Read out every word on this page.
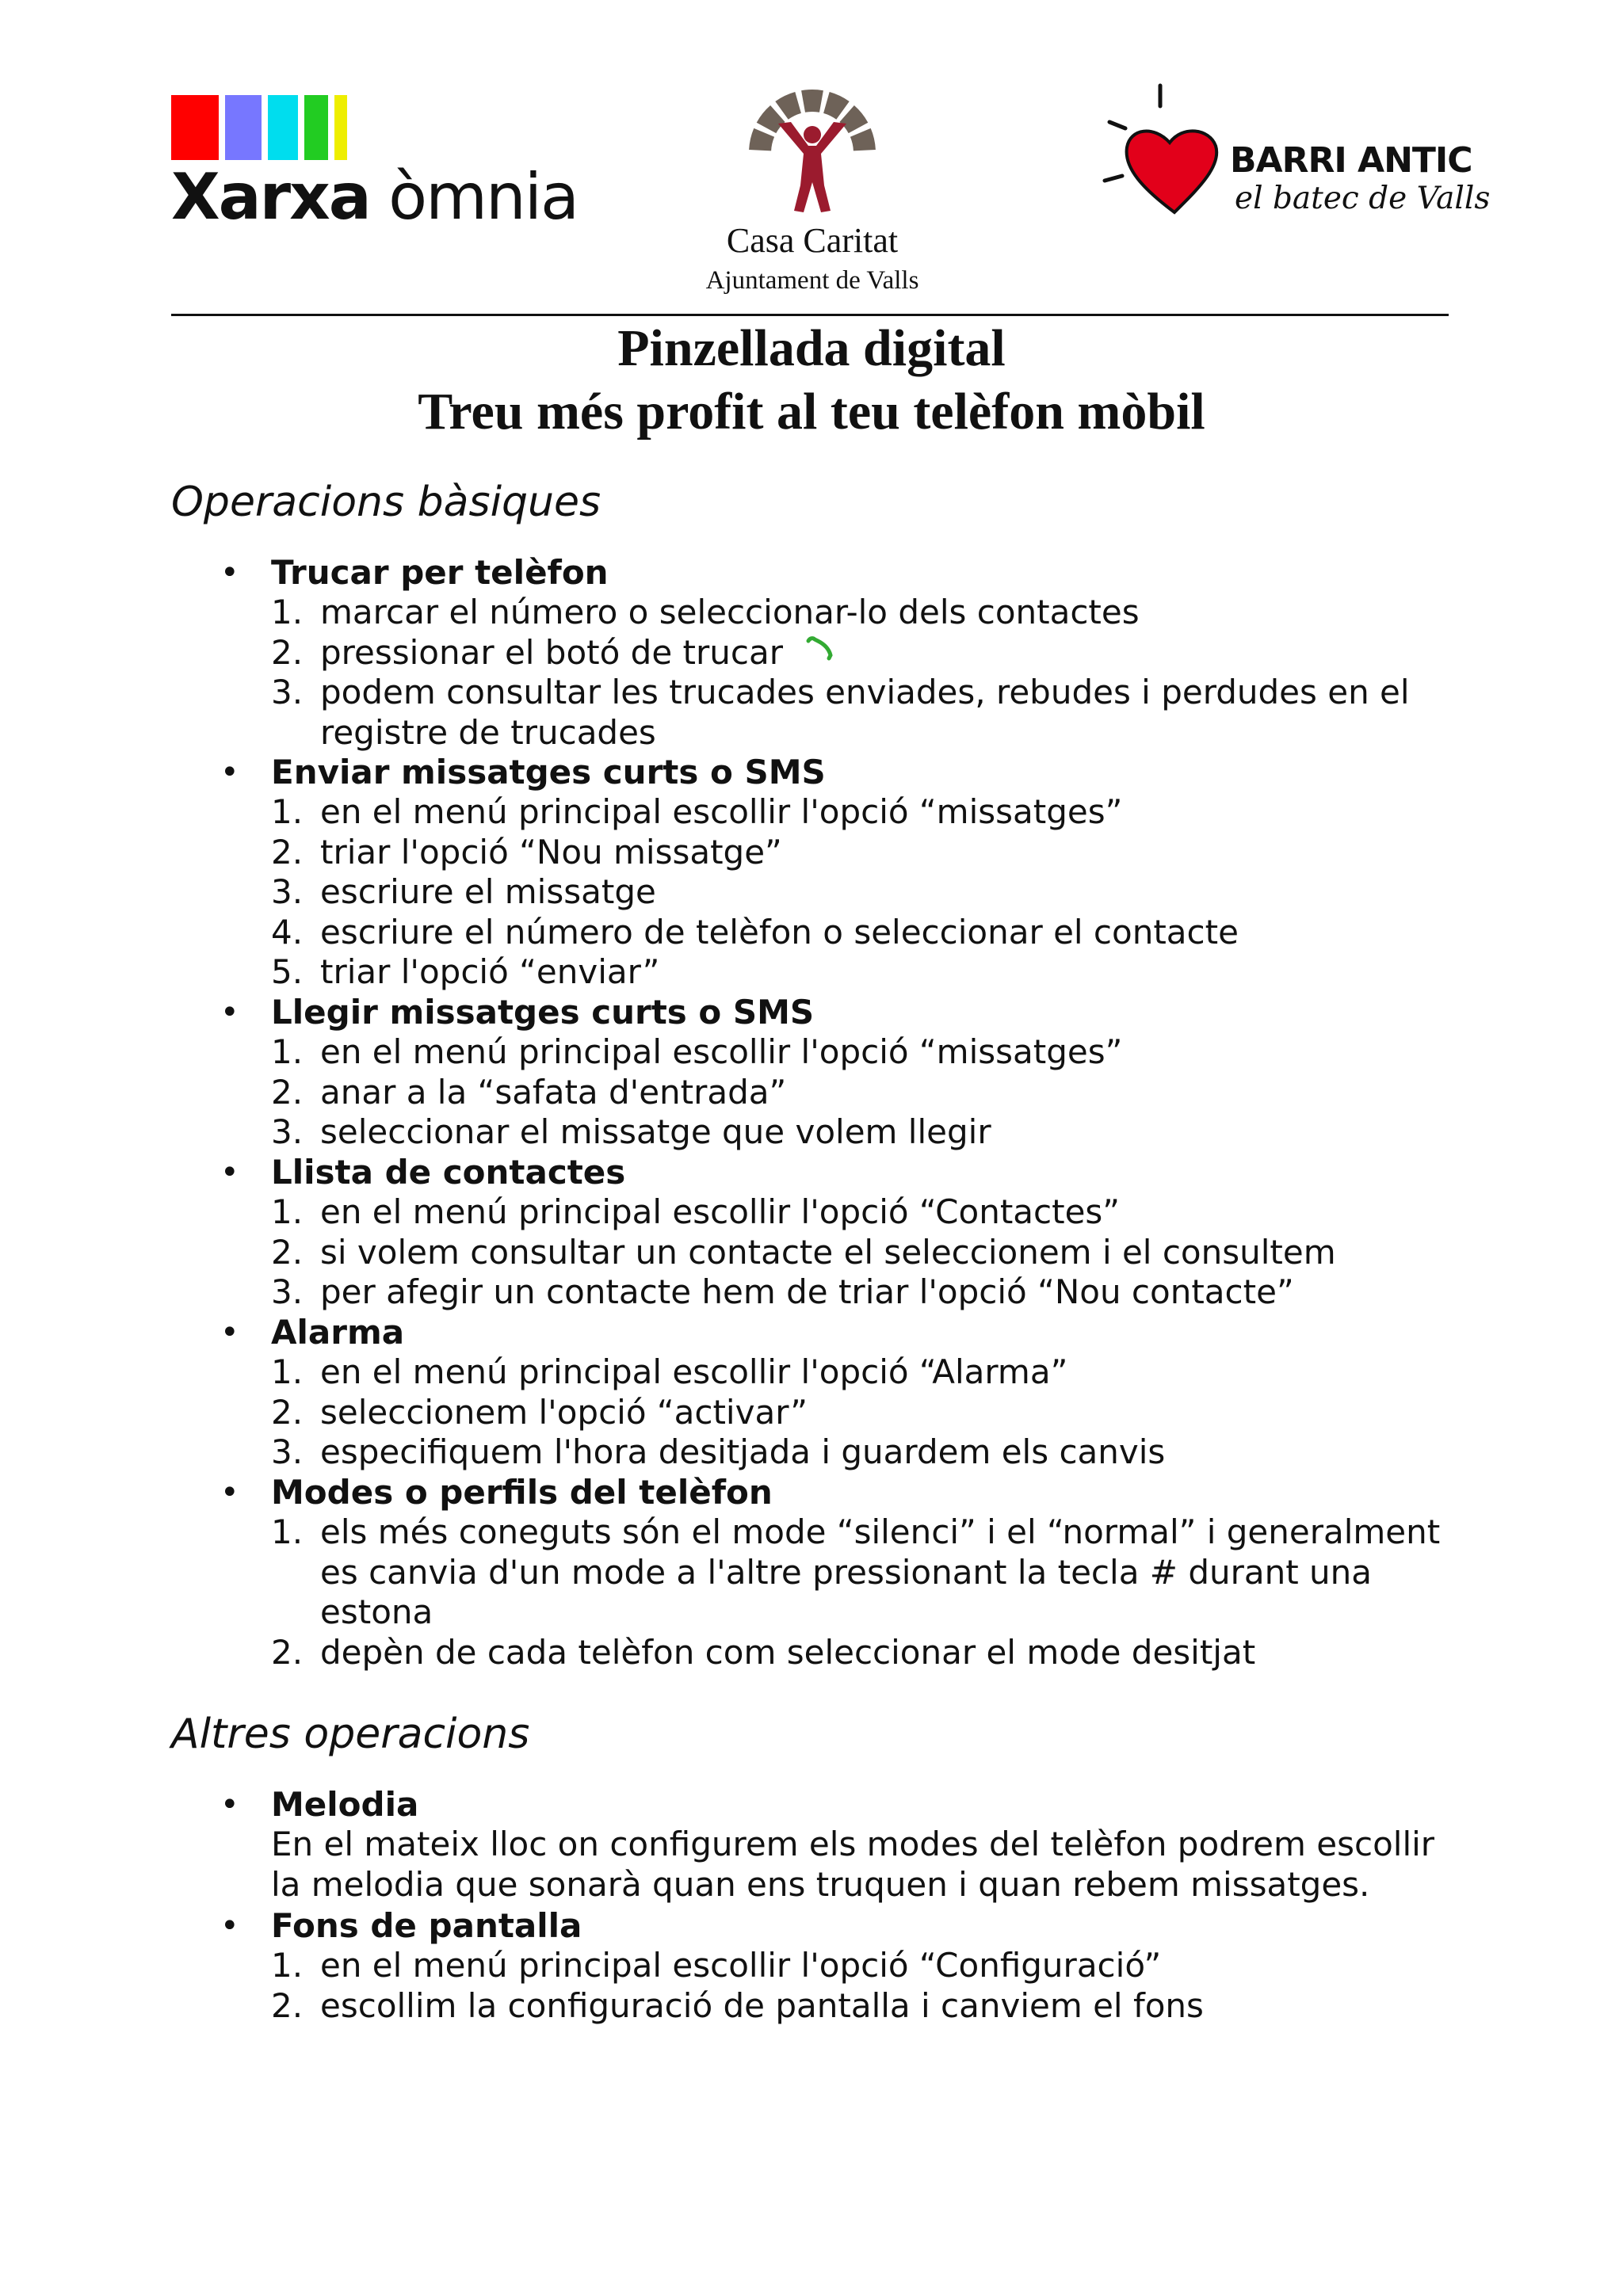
Xarxa òmnia
Casa Caritat
Ajuntament de Valls
BARRI ANTIC
el batec de Valls
Pinzellada digital
Treu més profit al teu telèfon mòbil
Operacions bàsiques
• Trucar per telèfon
1. marcar el número o seleccionar-lo dels contactes
2. pressionar el botó de trucar
3. podem consultar les trucades enviades, rebudes i perdudes en el registre de trucades
• Enviar missatges curts o SMS
1. en el menú principal escollir l'opció “missatges”
2. triar l'opció “Nou missatge”
3. escriure el missatge
4. escriure el número de telèfon o seleccionar el contacte
5. triar l'opció “enviar”
• Llegir missatges curts o SMS
1. en el menú principal escollir l'opció “missatges”
2. anar a la “safata d'entrada”
3. seleccionar el missatge que volem llegir
• Llista de contactes
1. en el menú principal escollir l'opció “Contactes”
2. si volem consultar un contacte el seleccionem i el consultem
3. per afegir un contacte hem de triar l'opció “Nou contacte”
• Alarma
1. en el menú principal escollir l'opció “Alarma”
2. seleccionem l'opció “activar”
3. especifiquem l'hora desitjada i guardem els canvis
• Modes o perfils del telèfon
1. els més coneguts són el mode “silenci” i el “normal” i generalment es canvia d'un mode a l'altre pressionant la tecla # durant una estona
2. depèn de cada telèfon com seleccionar el mode desitjat
Altres operacions
• Melodia
En el mateix lloc on configurem els modes del telèfon podrem escollir la melodia que sonarà quan ens truquen i quan rebem missatges.
• Fons de pantalla
1. en el menú principal escollir l'opció “Configuració”
2. escollim la configuració de pantalla i canviem el fons
